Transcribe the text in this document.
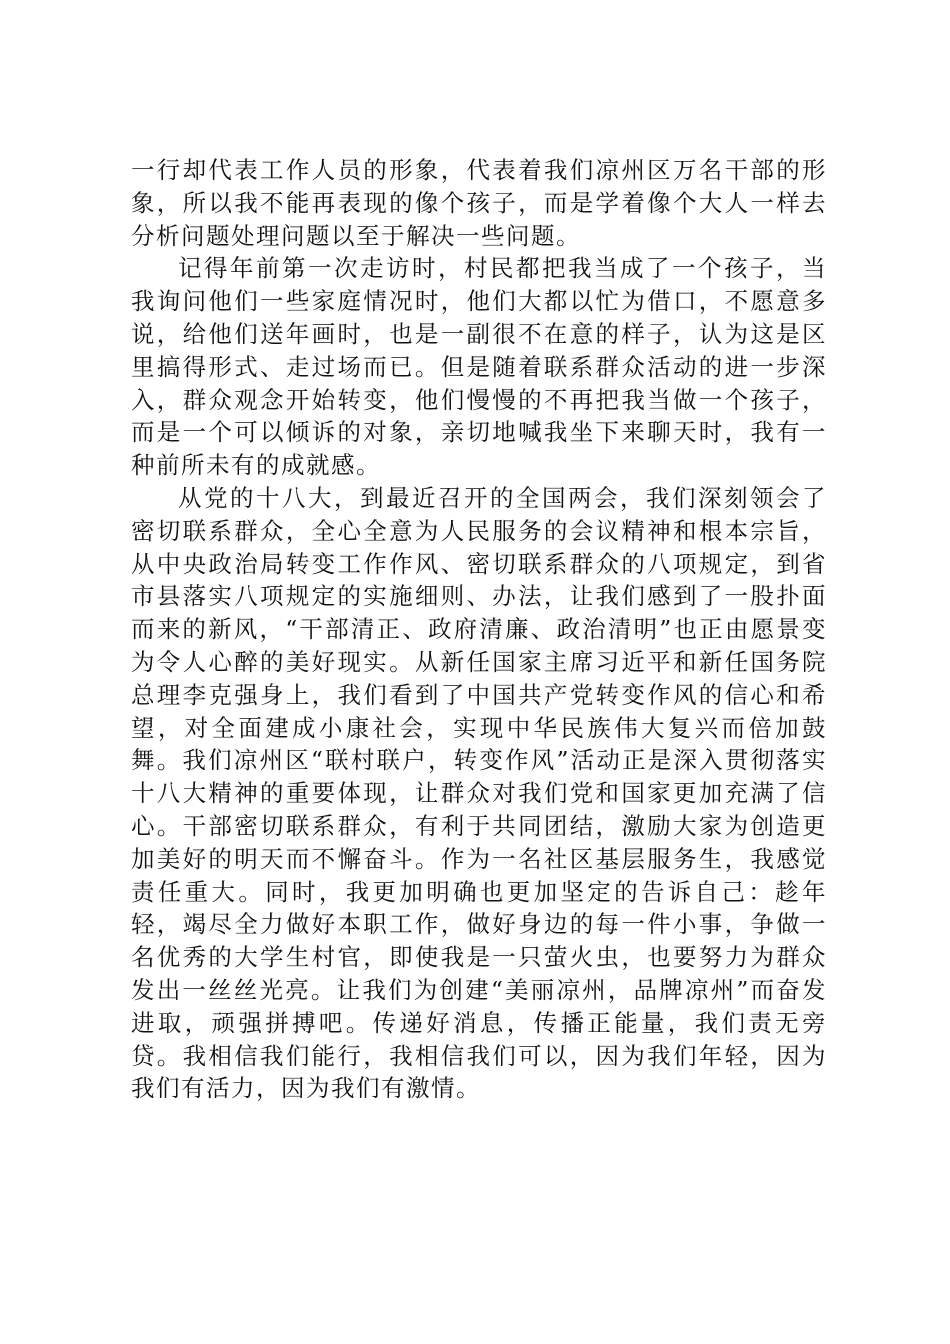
一行却代表工作人员的形象，代表着我们凉州区万名干部的形象，所以我不能再表现的像个孩子，而是学着像个大人一样去分析问题处理问题以至于解决一些问题。

记得年前第一次走访时，村民都把我当成了一个孩子，当我询问他们一些家庭情况时，他们大都以忙为借口，不愿意多说，给他们送年画时，也是一副很不在意的样子，认为这是区里搞得形式、走过场而已。但是随着联系群众活动的进一步深入，群众观念开始转变，他们慢慢的不再把我当做一个孩子，而是一个可以倾诉的对象，亲切地喊我坐下来聊天时，我有一种前所未有的成就感。

从党的十八大，到最近召开的全国两会，我们深刻领会了密切联系群众，全心全意为人民服务的会议精神和根本宗旨，从中央政治局转变工作作风、密切联系群众的八项规定，到省市县落实八项规定的实施细则、办法，让我们感到了一股扑面而来的新风，“干部清正、政府清廉、政治清明”也正由愿景变为令人心醉的美好现实。从新任国家主席习近平和新任国务院总理李克强身上，我们看到了中国共产党转变作风的信心和希望，对全面建成小康社会，实现中华民族伟大复兴而倍加鼓舞。我们凉州区“联村联户，转变作风”活动正是深入贯彻落实十八大精神的重要体现，让群众对我们党和国家更加充满了信心。干部密切联系群众，有利于共同团结，激励大家为创造更加美好的明天而不懈奋斗。作为一名社区基层服务生，我感觉责任重大。同时，我更加明确也更加坚定的告诉自己：趁年轻，竭尽全力做好本职工作，做好身边的每一件小事，争做一名优秀的大学生村官，即使我是一只萤火虫，也要努力为群众发出一丝丝光亮。让我们为创建“美丽凉州，品牌凉州”而奋发进取，顽强拼搏吧。传递好消息，传播正能量，我们责无旁贷。我相信我们能行，我相信我们可以，因为我们年轻，因为我们有活力，因为我们有激情。
